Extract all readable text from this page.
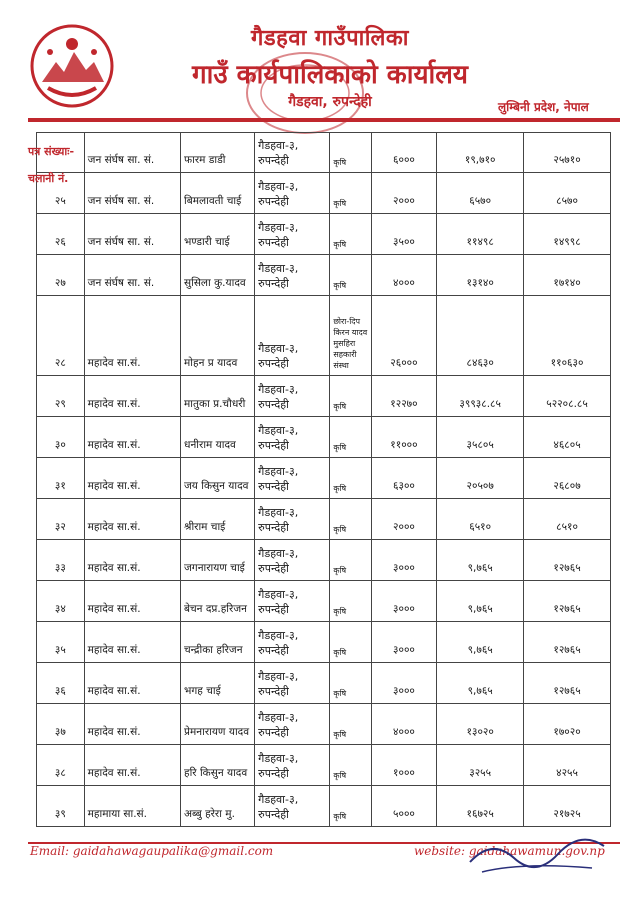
गैडहवा गाउँपालिका
गाउँ कार्यपालिकाको कार्यालय
गैडहवा, रुपन्देही	लुम्बिनी प्रदेश, नेपाल
	जन संर्घष सा. सं.	फारम डाडी	गैडहवा-३, रुपन्देही	कृषि	६०००	१९,७१०	२५७१०
२५	जन संर्घष सा. सं.	बिमलावती चाई	गैडहवा-३, रुपन्देही	कृषि	२०००	६५७०	८५७०
२६	जन संर्घष सा. सं.	भण्डारी चाई	गैडहवा-३, रुपन्देही	कृषि	३५००	११४९८	१४९९८
२७	जन संर्घष सा. सं.	सुसिला कु.यादव	गैडहवा-३, रुपन्देही	कृषि	४०००	१३१४०	१७१४०
२८	महादेव सा.सं.	मोहन प्र यादव	गैडहवा-३, रुपन्देही	छोरा-दिप किरन यादव मुसहिरा सहकारी संस्था	२६०००	८४६३०	११०६३०
२९	महादेव सा.सं.	मातुका प्र.चौधरी	गैडहवा-३, रुपन्देही	कृषि	१२२७०	३९९३८.८५	५२२०८.८५
३०	महादेव सा.सं.	धनीराम यादव	गैडहवा-३, रुपन्देही	कृषि	११०००	३५८०५	४६८०५
३१	महादेव सा.सं.	जय किसुन यादव	गैडहवा-३, रुपन्देही	कृषि	६३००	२०५०७	२६८०७
३२	महादेव सा.सं.	श्रीराम चाई	गैडहवा-३, रुपन्देही	कृषि	२०००	६५१०	८५१०
३३	महादेव सा.सं.	जगनारायण चाई	गैडहवा-३, रुपन्देही	कृषि	३०००	९,७६५	१२७६५
३४	महादेव सा.सं.	बेचन दप्र.हरिजन	गैडहवा-३, रुपन्देही	कृषि	३०००	९,७६५	१२७६५
३५	महादेव सा.सं.	चन्द्रीका हरिजन	गैडहवा-३, रुपन्देही	कृषि	३०००	९,७६५	१२७६५
३६	महादेव सा.सं.	भगह चाई	गैडहवा-३, रुपन्देही	कृषि	३०००	९,७६५	१२७६५
३७	महादेव सा.सं.	प्रेमनारायण यादव	गैडहवा-३, रुपन्देही	कृषि	४०००	१३०२०	१७०२०
३८	महादेव सा.सं.	हरि किसुन यादव	गैडहवा-३, रुपन्देही	कृषि	१०००	३२५५	४२५५
३९	महामाया सा.सं.	अब्बु हरेरा मु.	गैडहवा-३, रुपन्देही	कृषि	५०००	१६७२५	२१७२५
पत्र संख्याः-
चलानी नं.
Email: gaidahawagaupalika@gmail.com	website: gaidahawamun.gov.np
